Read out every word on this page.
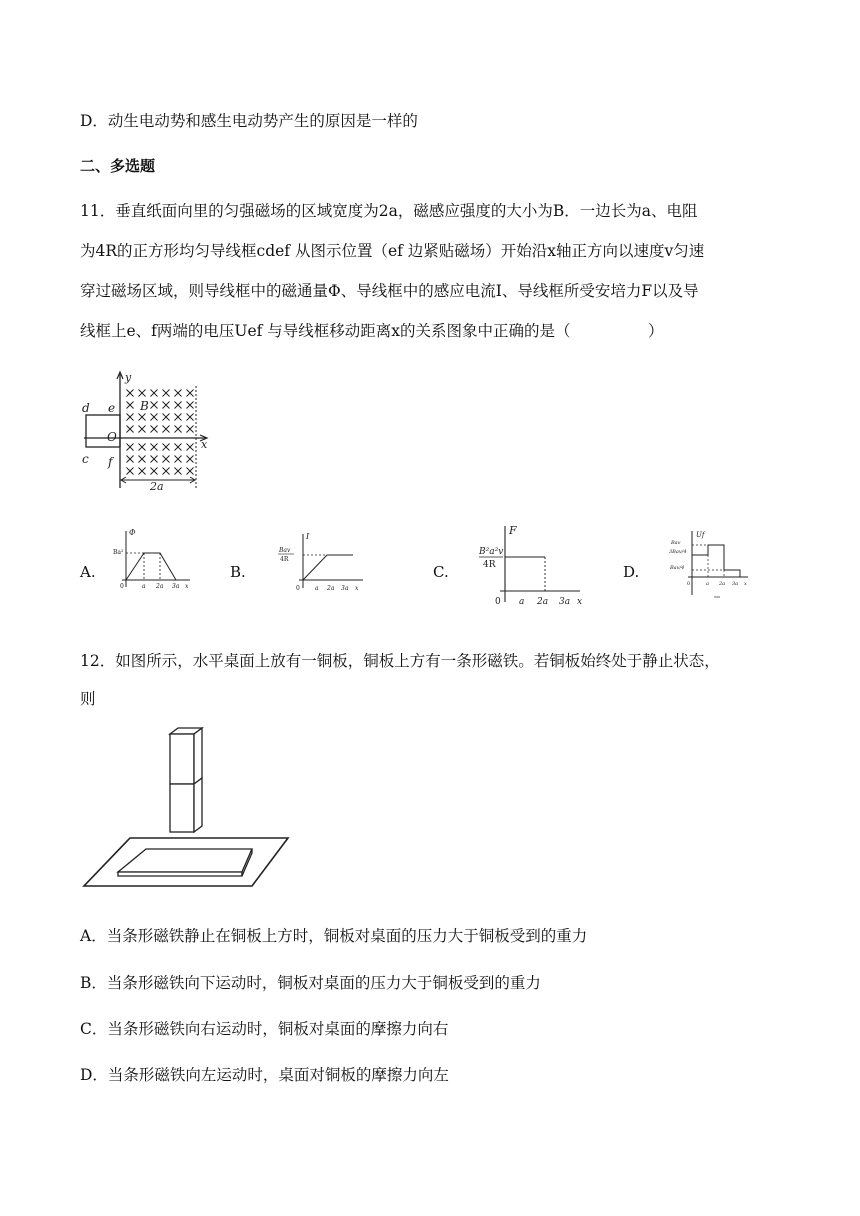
D．动生电动势和感生电动势产生的原因是一样的
二、多选题
11．垂直纸面向里的匀强磁场的区域宽度为2a，磁感应强度的大小为B．一边长为a、电阻
为4R的正方形均匀导线框cdef 从图示位置（ef 边紧贴磁场）开始沿x轴正方向以速度v匀速
穿过磁场区域，则导线框中的磁通量Φ、导线框中的感应电流I、导线框所受安培力F以及导
线框上e、f两端的电压Uef 与导线框移动距离x的关系图象中正确的是（　　　　　）
y
x
d e
c f
O
B
2a
A.
Φ
Ba²
0	a 2a 3a x
B.
I
Bav
4R
0	a 2a 3a x
C.
F
B²a²v
4R
0 a 2a 3a x
D.
Uf
Bav
3Bav/4
Bav/4
0	a 2a 3a x
12．如图所示，水平桌面上放有一铜板，铜板上方有一条形磁铁。若铜板始终处于静止状态，
则
A．当条形磁铁静止在铜板上方时，铜板对桌面的压力大于铜板受到的重力
B．当条形磁铁向下运动时，铜板对桌面的压力大于铜板受到的重力
C．当条形磁铁向右运动时，铜板对桌面的摩擦力向右
D．当条形磁铁向左运动时，桌面对铜板的摩擦力向左
